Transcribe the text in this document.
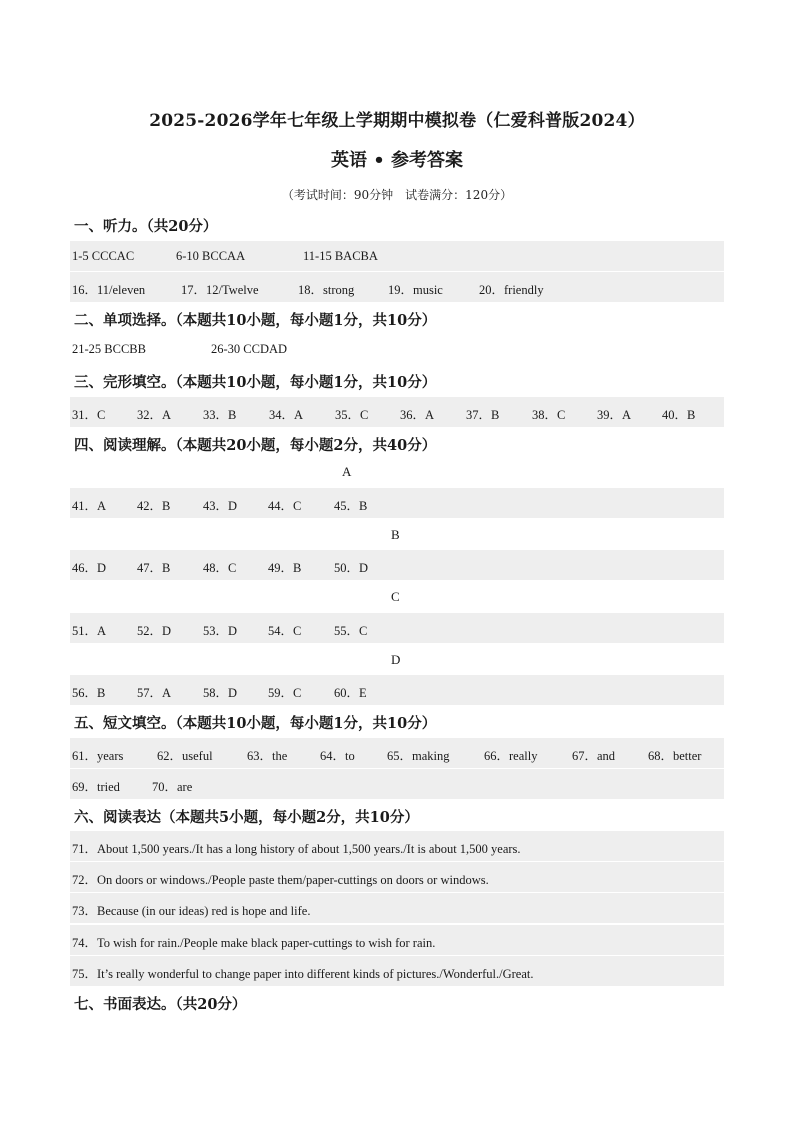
2025-2026学年七年级上学期期中模拟卷（仁爱科普版2024）
英语 • 参考答案
（考试时间：90分钟　试卷满分：120分）
一、听力。（共20分）
1-5 CCCAC	6-10 BCCAA	11-15 BACBA
16．11/eleven	17．12/Twelve	18．strong	19．music	20．friendly
二、单项选择。（本题共10小题，每小题1分，共10分）
21-25 BCCBB	26-30 CCDAD
三、完形填空。（本题共10小题，每小题1分，共10分）
31．C	32．A	33．B	34．A	35．C	36．A	37．B	38．C	39．A 40．B
四、阅读理解。（本题共20小题，每小题2分，共40分）
A
41．A 42．B	43．D 44．C	45．B
B
46．D 47．B	48．C	49．B	50．D
C
51．A 52．D	53．D 54．C	55．C
D
56．B	57．A	58．D 59．C	60．E
五、短文填空。（本题共10小题，每小题1分，共10分）
61．years	62．useful	63．the	64．to	65．making	66．really	67．and	68．better
69．tried	70．are
六、阅读表达（本题共5小题，每小题2分，共10分）
71．About 1,500 years./It has a long history of about 1,500 years./It is about 1,500 years.
72．On doors or windows./People paste them/paper-cuttings on doors or windows.
73．Because (in our ideas) red is hope and life.
74．To wish for rain./People make black paper-cuttings to wish for rain.
75．It’s really wonderful to change paper into different kinds of pictures./Wonderful./Great.
七、书面表达。（共20分）
